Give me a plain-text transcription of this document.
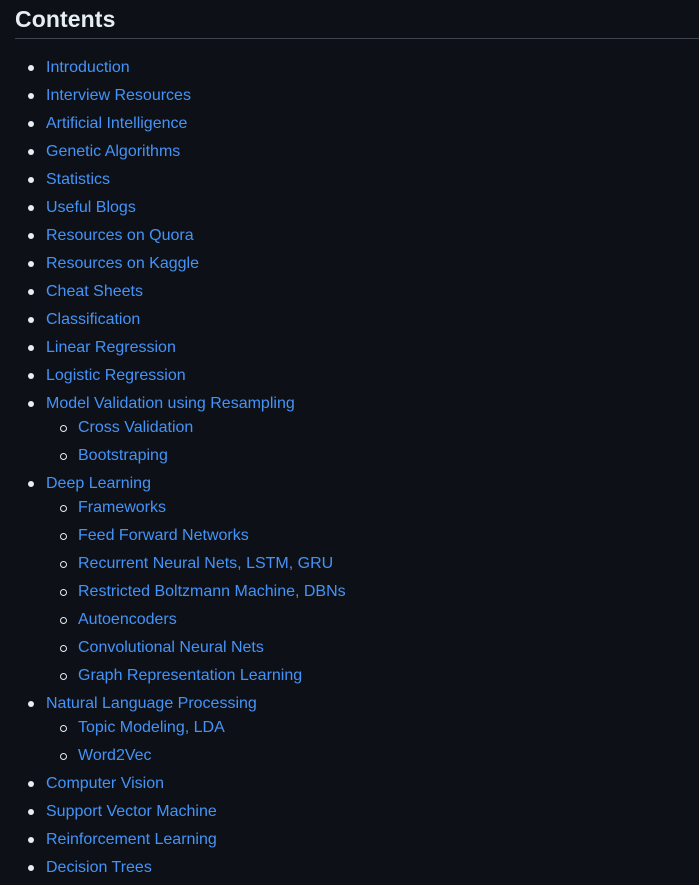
Contents
Introduction
Interview Resources
Artificial Intelligence
Genetic Algorithms
Statistics
Useful Blogs
Resources on Quora
Resources on Kaggle
Cheat Sheets
Classification
Linear Regression
Logistic Regression
Model Validation using Resampling
Cross Validation
Bootstraping
Deep Learning
Frameworks
Feed Forward Networks
Recurrent Neural Nets, LSTM, GRU
Restricted Boltzmann Machine, DBNs
Autoencoders
Convolutional Neural Nets
Graph Representation Learning
Natural Language Processing
Topic Modeling, LDA
Word2Vec
Computer Vision
Support Vector Machine
Reinforcement Learning
Decision Trees
